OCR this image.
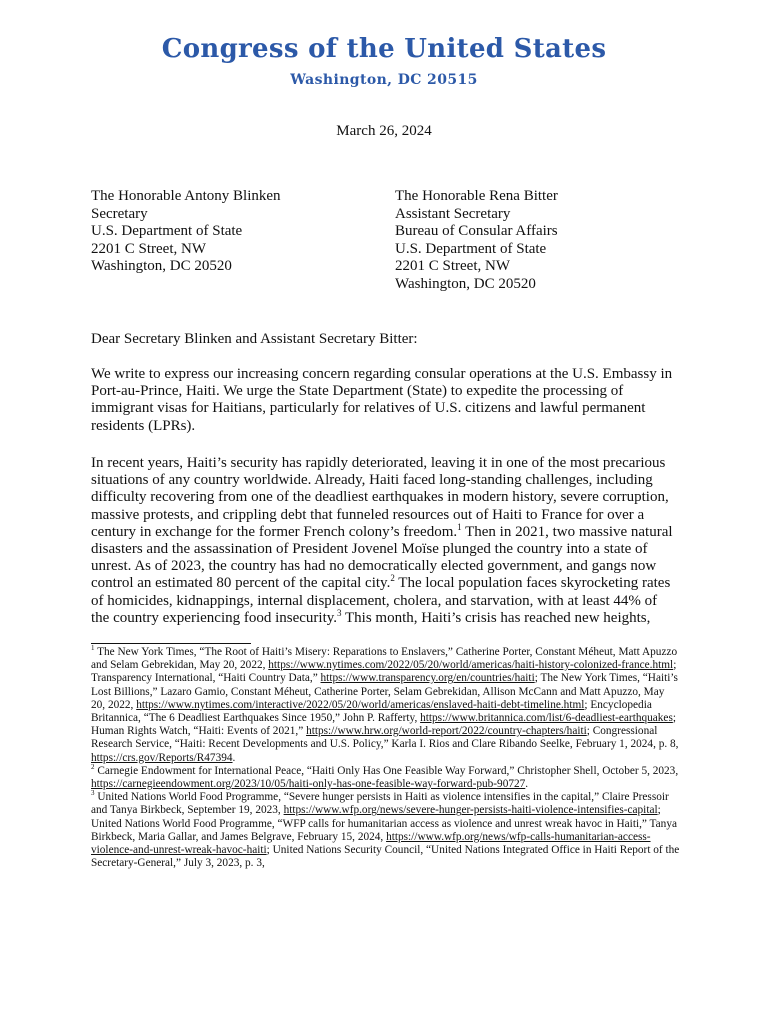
Congress of the United States
Washington, DC 20515
March 26, 2024
The Honorable Antony Blinken
Secretary
U.S. Department of State
2201 C Street, NW
Washington, DC 20520
The Honorable Rena Bitter
Assistant Secretary
Bureau of Consular Affairs
U.S. Department of State
2201 C Street, NW
Washington, DC 20520
Dear Secretary Blinken and Assistant Secretary Bitter:

We write to express our increasing concern regarding consular operations at the U.S. Embassy in Port-au-Prince, Haiti. We urge the State Department (State) to expedite the processing of immigrant visas for Haitians, particularly for relatives of U.S. citizens and lawful permanent residents (LPRs).

In recent years, Haiti’s security has rapidly deteriorated, leaving it in one of the most precarious situations of any country worldwide. Already, Haiti faced long-standing challenges, including difficulty recovering from one of the deadliest earthquakes in modern history, severe corruption, massive protests, and crippling debt that funneled resources out of Haiti to France for over a century in exchange for the former French colony’s freedom.$^1$ Then in 2021, two massive natural disasters and the assassination of President Jovenel Moïse plunged the country into a state of unrest. As of 2023, the country has had no democratically elected government, and gangs now control an estimated 80 percent of the capital city.$^2$ The local population faces skyrocketing rates of homicides, kidnappings, internal displacement, cholera, and starvation, with at least 44% of the country experiencing food insecurity.$^3$ This month, Haiti’s crisis has reached new heights,

$^1$ The New York Times, “The Root of Haiti’s Misery: Reparations to Enslavers,” Catherine Porter, Constant Méheut, Matt Apuzzo and Selam Gebrekidan, May 20, 2022, https://www.nytimes.com/2022/05/20/world/americas/haiti-history-colonized-france.html; Transparency International, “Haiti Country Data,” https://www.transparency.org/en/countries/haiti; The New York Times, “Haiti’s Lost Billions,” Lazaro Gamio, Constant Méheut, Catherine Porter, Selam Gebrekidan, Allison McCann and Matt Apuzzo, May 20, 2022, https://www.nytimes.com/interactive/2022/05/20/world/americas/enslaved-haiti-debt-timeline.html; Encyclopedia Britannica, “The 6 Deadliest Earthquakes Since 1950,” John P. Rafferty, https://www.britannica.com/list/6-deadliest-earthquakes; Human Rights Watch, “Haiti: Events of 2021,” https://www.hrw.org/world-report/2022/country-chapters/haiti; Congressional Research Service, “Haiti: Recent Developments and U.S. Policy,” Karla I. Rios and Clare Ribando Seelke, February 1, 2024, p. 8, https://crs.gov/Reports/R47394.

$^2$ Carnegie Endowment for International Peace, “Haiti Only Has One Feasible Way Forward,” Christopher Shell, October 5, 2023, https://carnegieendowment.org/2023/10/05/haiti-only-has-one-feasible-way-forward-pub-90727.

$^3$ United Nations World Food Programme, “Severe hunger persists in Haiti as violence intensifies in the capital,” Claire Pressoir and Tanya Birkbeck, September 19, 2023, https://www.wfp.org/news/severe-hunger-persists-haiti-violence-intensifies-capital; United Nations World Food Programme, “WFP calls for humanitarian access as violence and unrest wreak havoc in Haiti,” Tanya Birkbeck, Maria Gallar, and James Belgrave, February 15, 2024, https://www.wfp.org/news/wfp-calls-humanitarian-access-violence-and-unrest-wreak-havoc-haiti; United Nations Security Council, “United Nations Integrated Office in Haiti Report of the Secretary-General,” July 3, 2023, p. 3,
